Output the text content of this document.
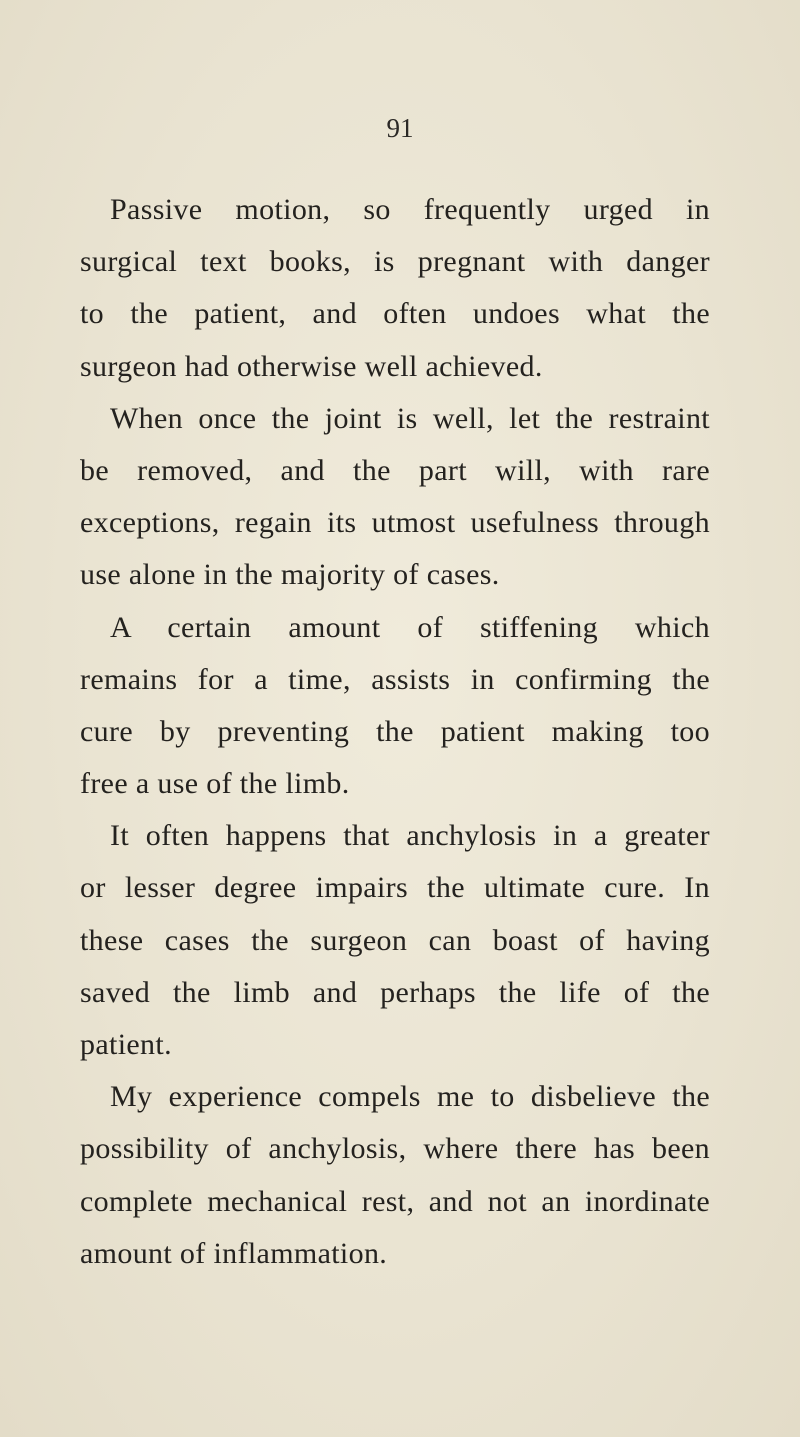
91
Passive motion, so frequently urged in
surgical text books, is pregnant with danger
to the patient, and often undoes what the
surgeon had otherwise well achieved.
When once the joint is well, let the restraint
be removed, and the part will, with rare
exceptions, regain its utmost usefulness through
use alone in the majority of cases.
A certain amount of stiffening which
remains for a time, assists in confirming the
cure by preventing the patient making too
free a use of the limb.
It often happens that anchylosis in a greater
or lesser degree impairs the ultimate cure. In
these cases the surgeon can boast of having
saved the limb and perhaps the life of the
patient.
My experience compels me to disbelieve the
possibility of anchylosis, where there has been
complete mechanical rest, and not an inordinate
amount of inflammation.
